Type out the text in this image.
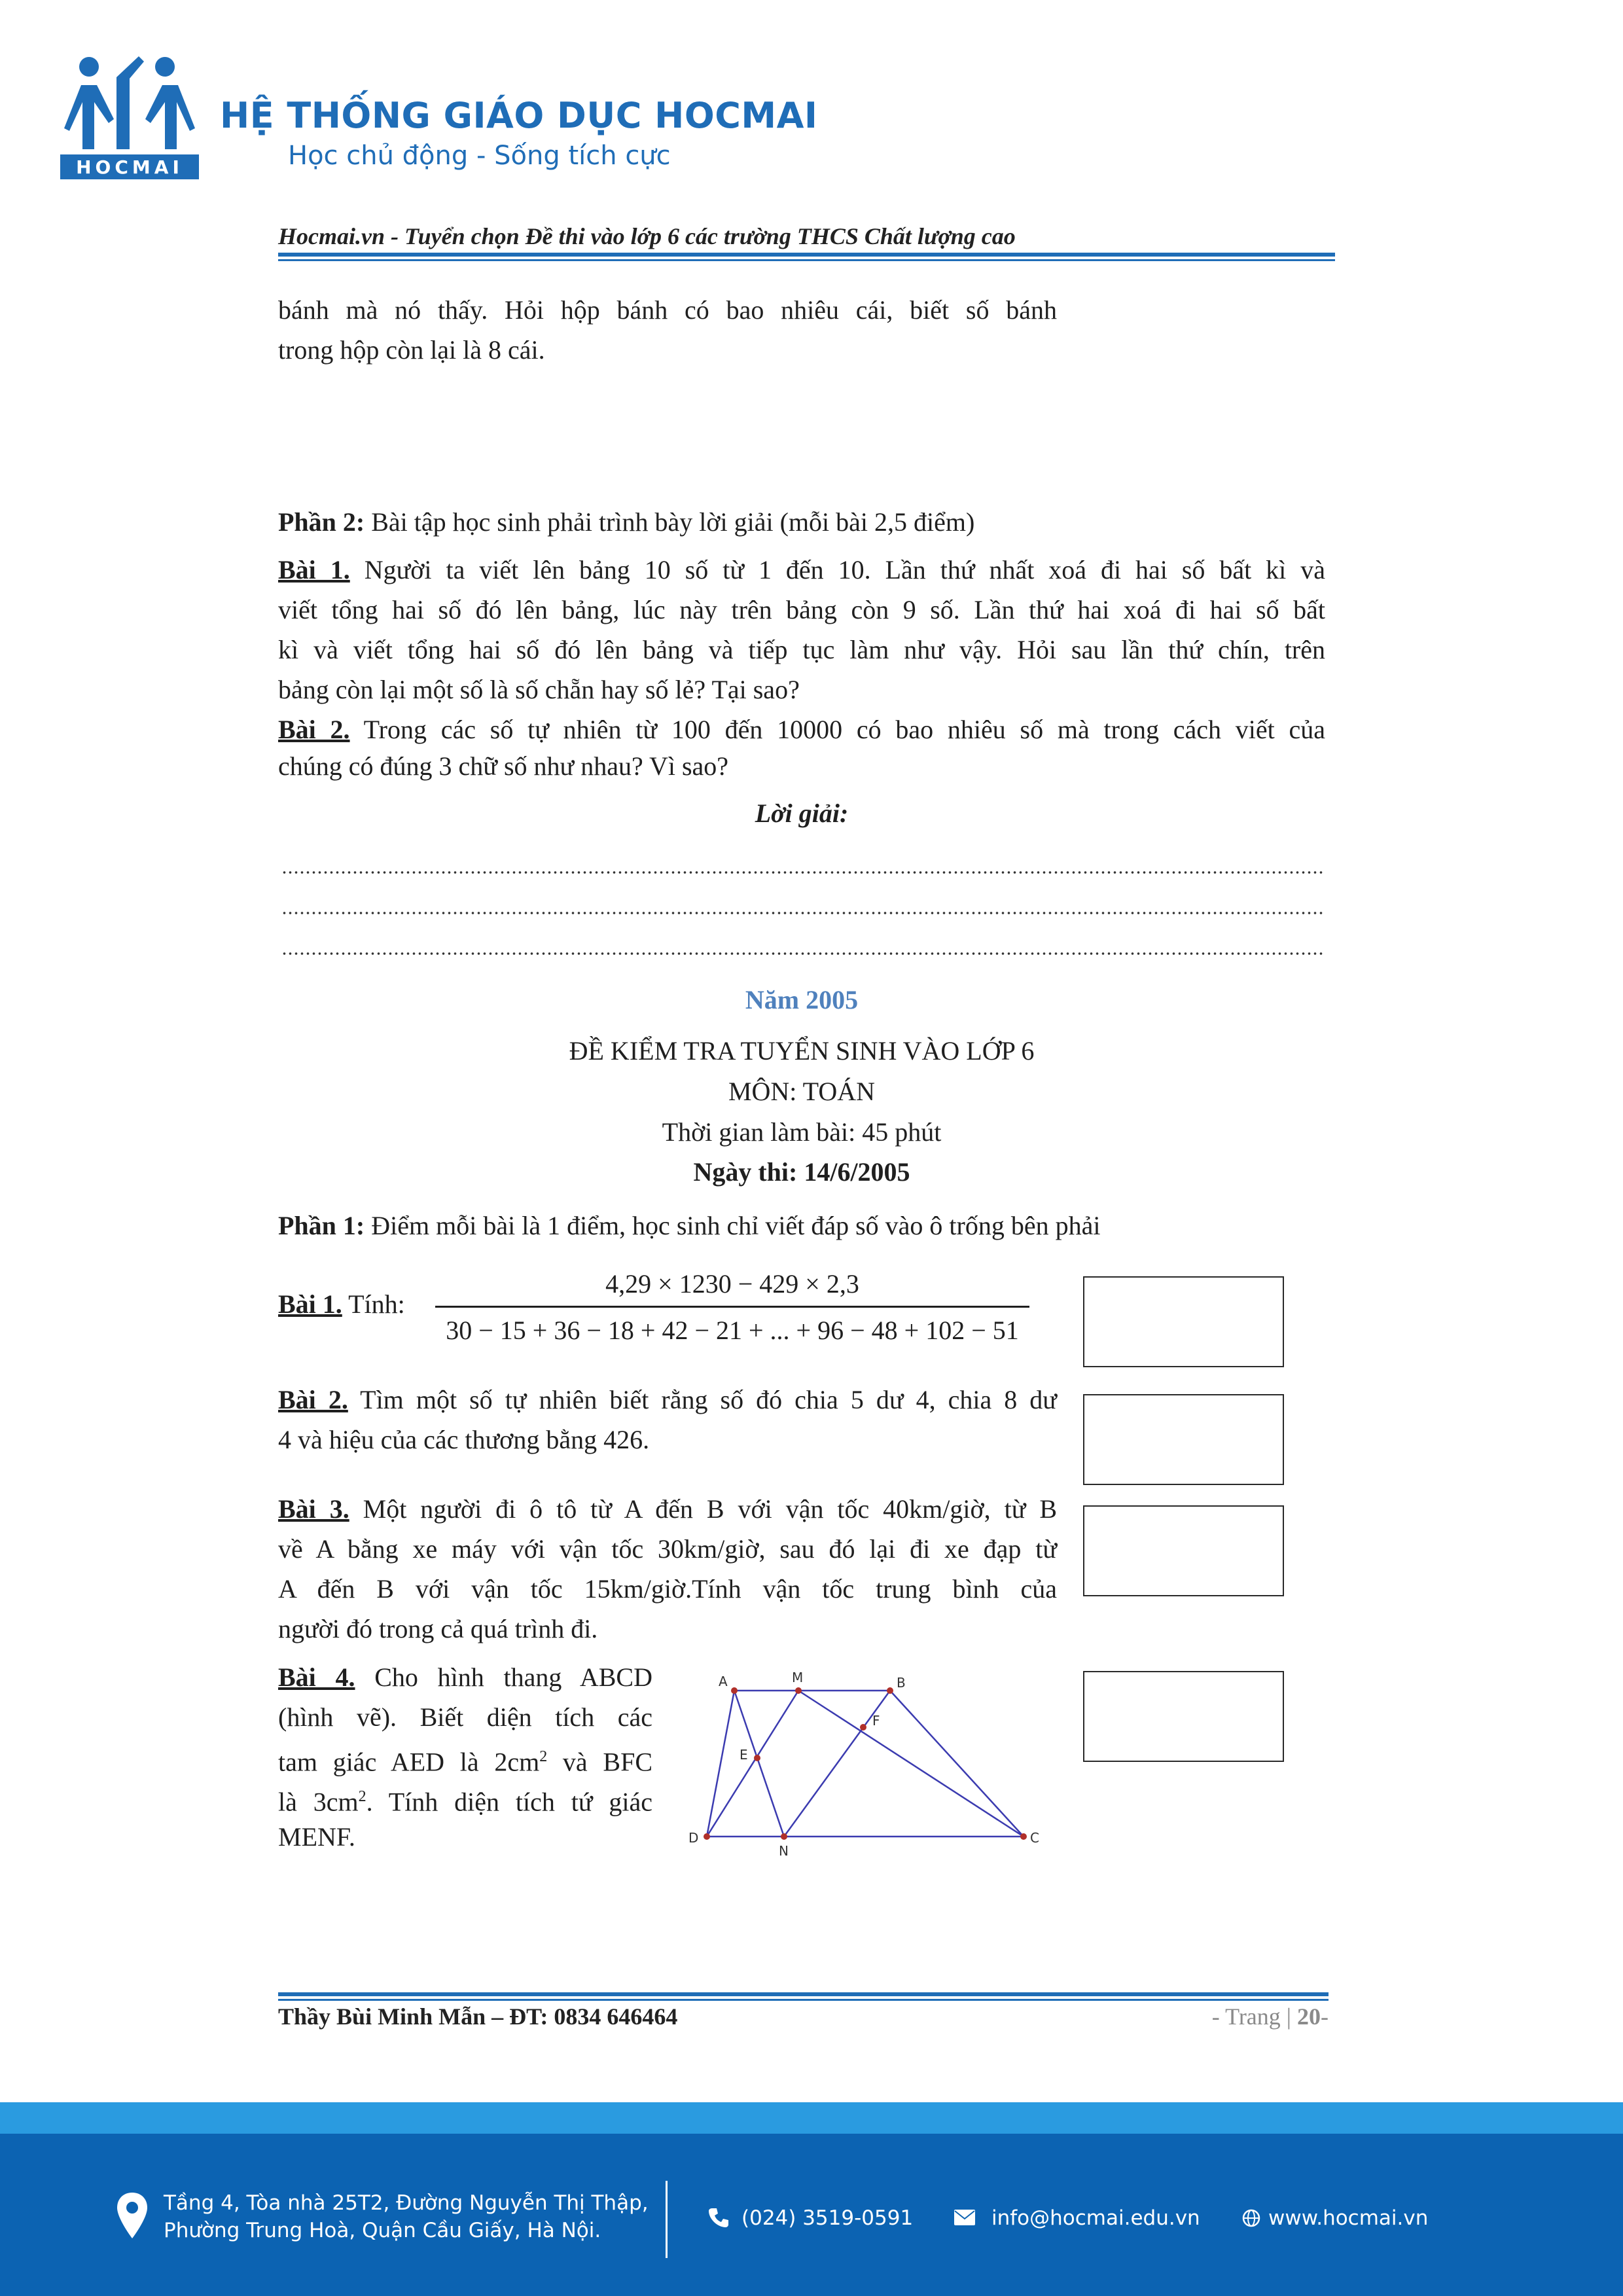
HOCMAI
HỆ THỐNG GIÁO DỤC HOCMAI
Học chủ động - Sống tích cực
Hocmai.vn - Tuyển chọn Đề thi vào lớp 6 các trường THCS Chất lượng cao
bánh mà nó thấy. Hỏi hộp bánh có bao nhiêu cái, biết số bánh
trong hộp còn lại là 8 cái.
Phần 2: Bài tập học sinh phải trình bày lời giải (mỗi bài 2,5 điểm)
Bài 1. Người ta viết lên bảng 10 số từ 1 đến 10. Lần thứ nhất xoá đi hai số bất kì và
viết tổng hai số đó lên bảng, lúc này trên bảng còn 9 số. Lần thứ hai xoá đi hai số bất
kì và viết tổng hai số đó lên bảng và tiếp tục làm như vậy. Hỏi sau lần thứ chín, trên
bảng còn lại một số là số chẵn hay số lẻ? Tại sao?
Bài 2. Trong các số tự nhiên từ 100 đến 10000 có bao nhiêu số mà trong cách viết của
chúng có đúng 3 chữ số như nhau? Vì sao?
Lời giải:
Năm 2005
ĐỀ KIỂM TRA TUYỂN SINH VÀO LỚP 6
MÔN: TOÁN
Thời gian làm bài: 45 phút
Ngày thi: 14/6/2005
Phần 1: Điểm mỗi bài là 1 điểm, học sinh chỉ viết đáp số vào ô trống bên phải
Bài 1. Tính:
4,29 × 1230 − 429 × 2,3
30 − 15 + 36 − 18 + 42 − 21 + ... + 96 − 48 + 102 − 51
Bài 2. Tìm một số tự nhiên biết rằng số đó chia 5 dư 4, chia 8 dư
4 và hiệu của các thương bằng 426.
Bài 3. Một người đi ô tô từ A đến B với vận tốc 40km/giờ, từ B
về A bằng xe máy với vận tốc 30km/giờ, sau đó lại đi xe đạp từ
A đến B với vận tốc 15km/giờ.Tính vận tốc trung bình của
người đó trong cả quá trình đi.
Bài 4. Cho hình thang ABCD
(hình vẽ). Biết diện tích các
tam giác AED là $2cm^2$ và BFC
là $3cm^2$. Tính diện tích tứ giác
MENF.
A	M	B
E
F
D
N
C
Thầy Bùi Minh Mẫn – ĐT: 0834 646464	- Trang | 20-
Tầng 4, Tòa nhà 25T2, Đường Nguyễn Thị Thập,
Phường Trung Hoà, Quận Cầu Giấy, Hà Nội.
(024) 3519-0591	info@hocmai.edu.vn	www.hocmai.vn
